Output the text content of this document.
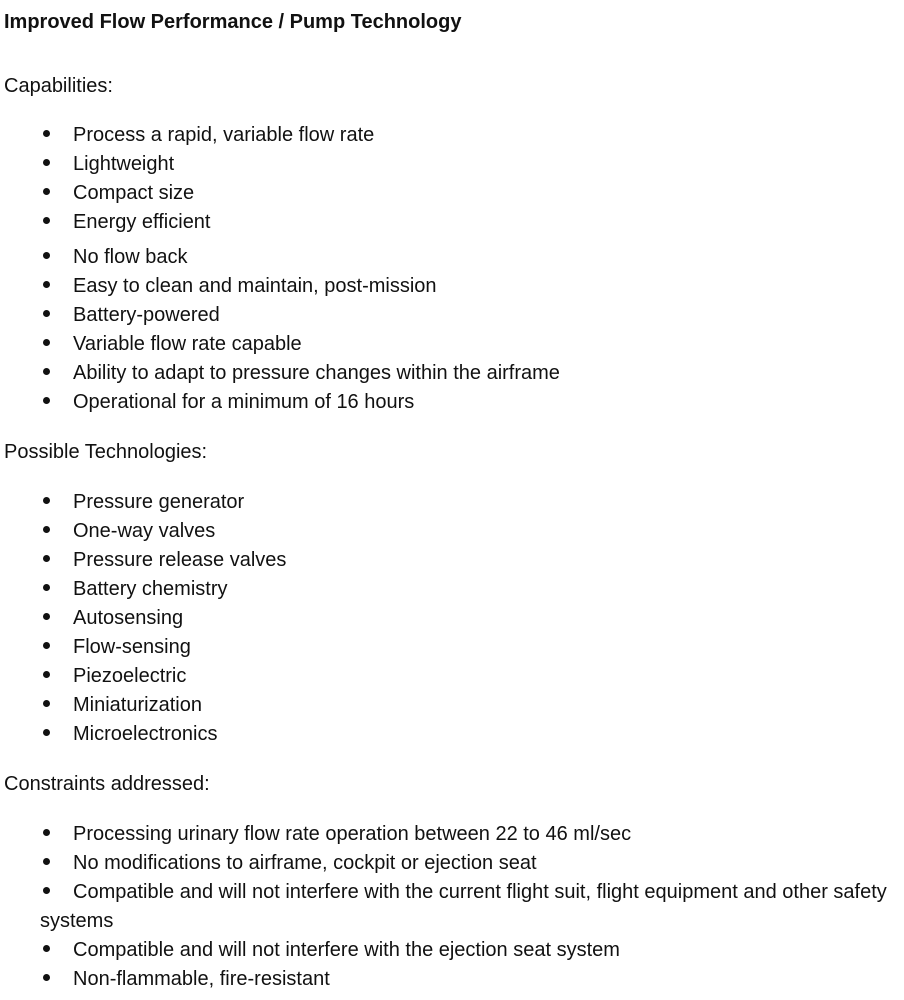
Improved Flow Performance / Pump Technology
Capabilities:
Process a rapid, variable flow rate
Lightweight
Compact size
Energy efficient
No flow back
Easy to clean and maintain, post-mission
Battery-powered
Variable flow rate capable
Ability to adapt to pressure changes within the airframe
Operational for a minimum of 16 hours
Possible Technologies:
Pressure generator
One-way valves
Pressure release valves
Battery chemistry
Autosensing
Flow-sensing
Piezoelectric
Miniaturization
Microelectronics
Constraints addressed:
Processing urinary flow rate operation between 22 to 46 ml/sec
No modifications to airframe, cockpit or ejection seat
Compatible and will not interfere with the current flight suit, flight equipment and other safety systems
Compatible and will not interfere with the ejection seat system
Non-flammable, fire-resistant
